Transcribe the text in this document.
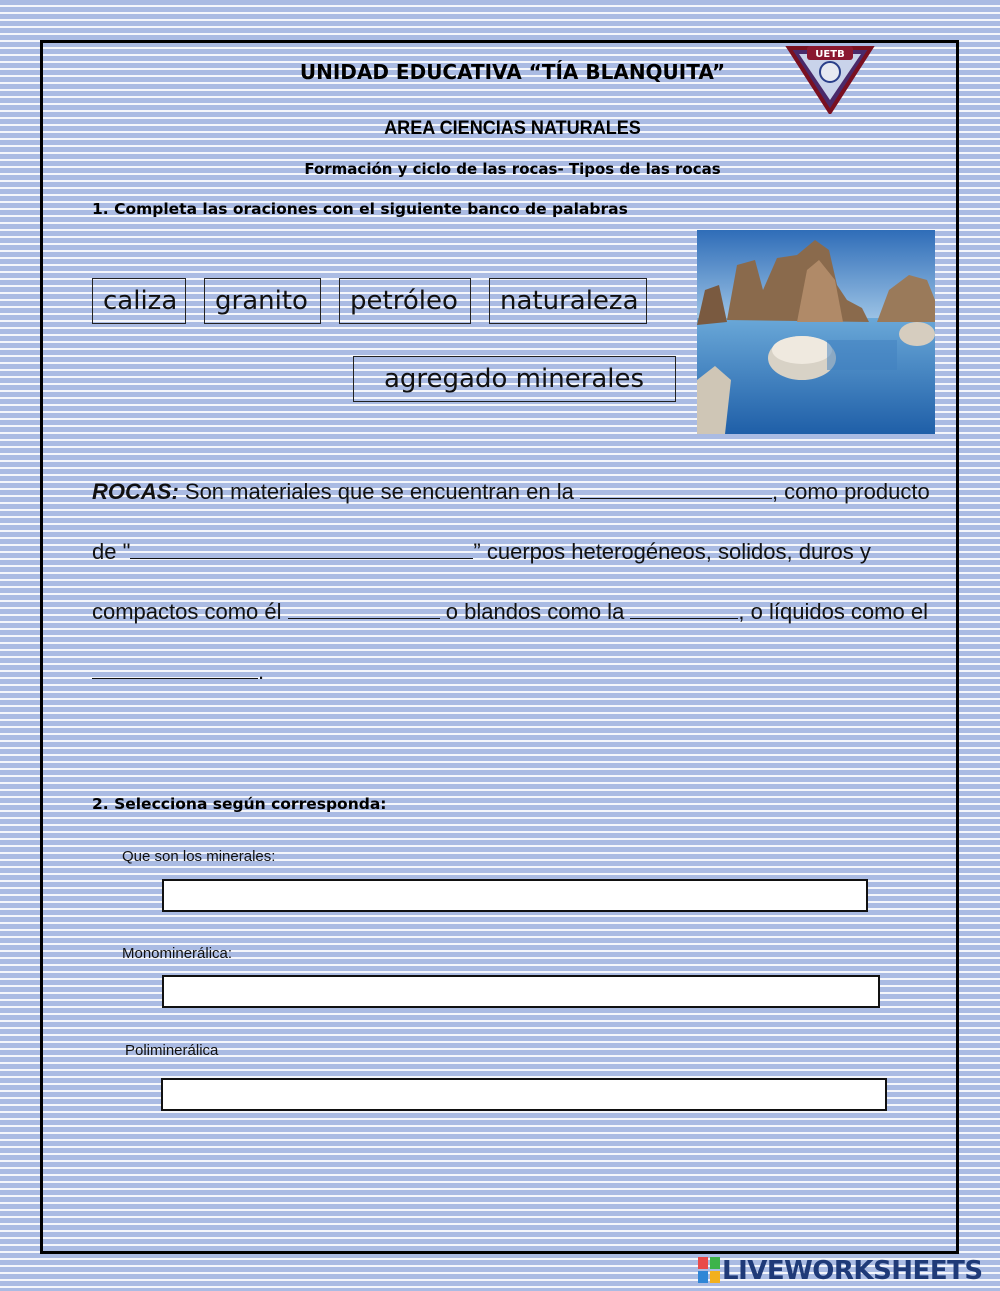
UETB
UNIDAD EDUCATIVA “TÍA BLANQUITA”
AREA CIENCIAS NATURALES
Formación y ciclo de las rocas- Tipos de las rocas
1. Completa las oraciones con el siguiente banco de palabras
caliza	granito	petróleo	naturaleza
agregado minerales
ROCAS: Son materiales que se encuentran en la	, como producto
de "	” cuerpos heterogéneos, solidos, duros y
compactos como él	o blandos como la	, o líquidos como el
.
2. Selecciona según corresponda:
Que son los minerales:
Monominerálica:
Poliminerálica
LIVEWORKSHEETS
